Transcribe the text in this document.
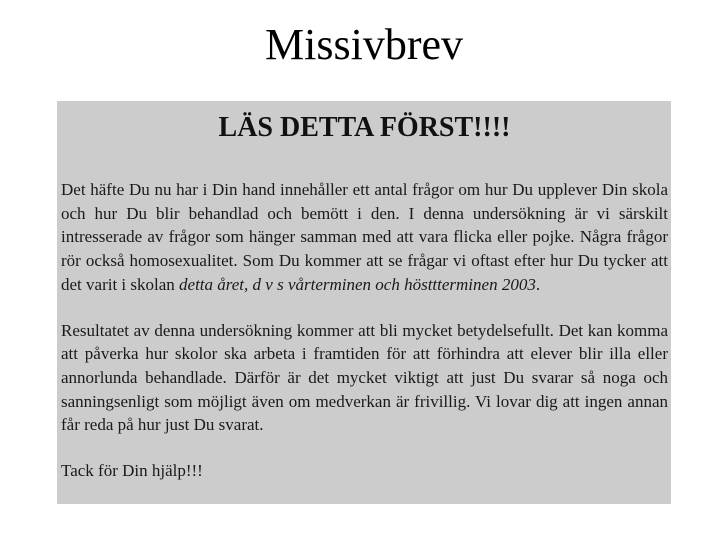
Missivbrev
LÄS DETTA FÖRST!!!!

Det häfte Du nu har i Din hand innehåller ett antal frågor om hur Du upplever Din skola och hur Du blir behandlad och bemött i den. I denna undersökning är vi särskilt intresserade av frågor som hänger samman med att vara flicka eller pojke. Några frågor rör också homosexualitet. Som Du kommer att se frågar vi oftast efter hur Du tycker att det varit i skolan detta året, d v s vårterminen och hösttterminen 2003.

Resultatet av denna undersökning kommer att bli mycket betydelsefullt. Det kan komma att påverka hur skolor ska arbeta i framtiden för att förhindra att elever blir illa eller annorlunda behandlade. Därför är det mycket viktigt att just Du svarar så noga och sanningsenligt som möjligt även om medverkan är frivillig. Vi lovar dig att ingen annan får reda på hur just Du svarat.

Tack för Din hjälp!!!
